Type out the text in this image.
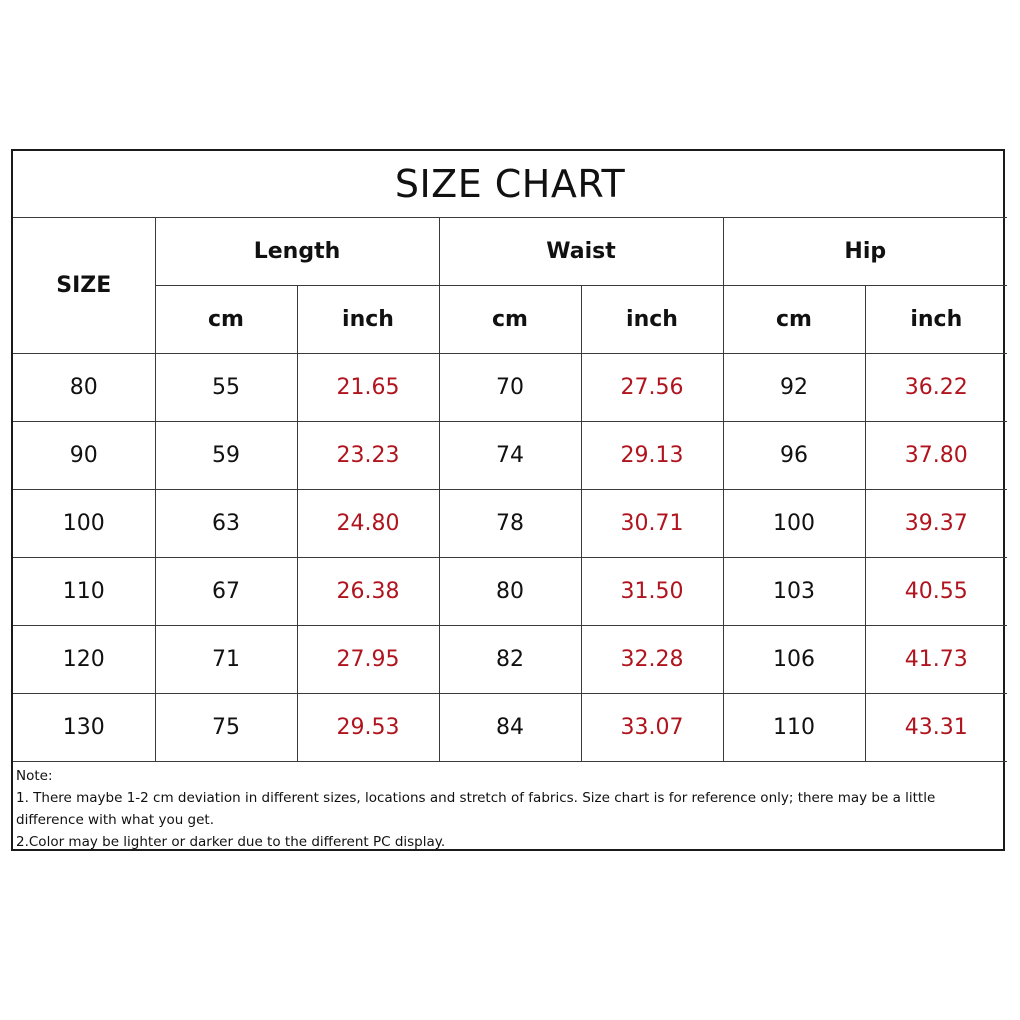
SIZE CHART						
SIZE	Length		Waist		Hip	
	cm	inch	cm	inch	cm	inch
80	55	21.65	70	27.56	92	36.22
90	59	23.23	74	29.13	96	37.80
100	63	24.80	78	30.71	100	39.37
110	67	26.38	80	31.50	103	40.55
120	71	27.95	82	32.28	106	41.73
130	75	29.53	84	33.07	110	43.31

Note:
1. There maybe 1-2 cm deviation in different sizes, locations and stretch of fabrics. Size chart is for reference only; there may be a little difference with what you get.
2.Color may be lighter or darker due to the different PC display.						
